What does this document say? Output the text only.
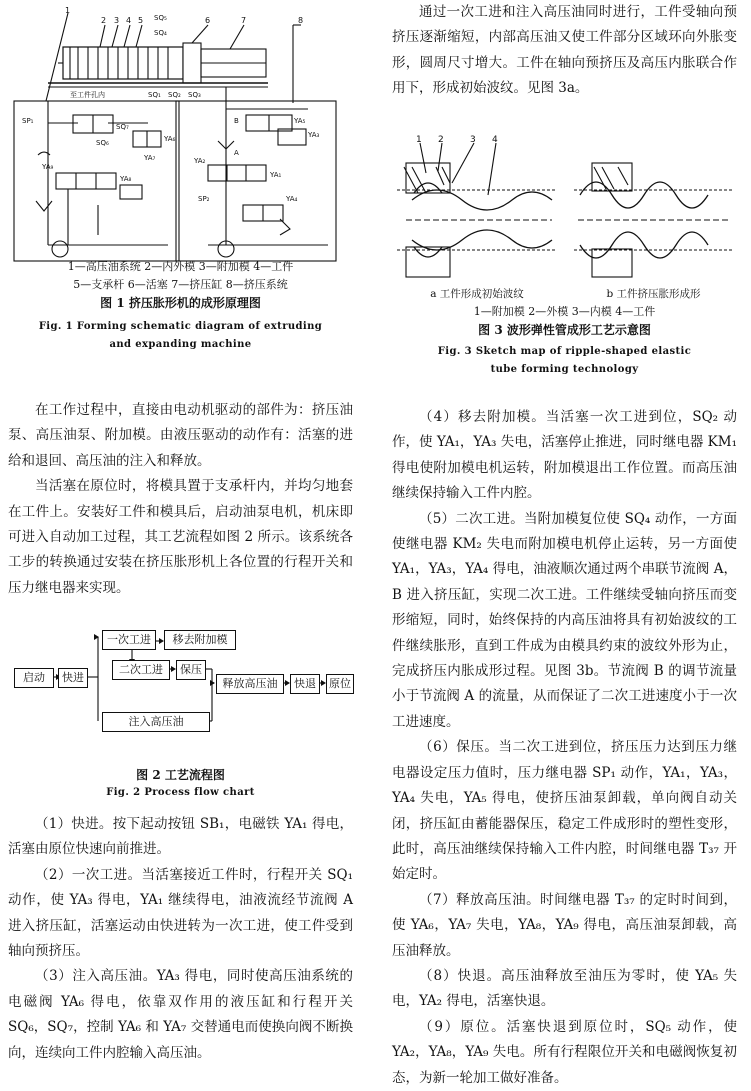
1
2 3 4 5	6	7	8
SQ₅
SQ₄
SQ₁ SQ₂ SQ₃
至工件孔内
SP₁
SQ₆
SQ₇
YA₆
YA₇
YA₅
YA₈
YA₉
B
A
YA₂
YA₃
YA₄
YA₁
SP₂
1—高压油系统 2—内外模 3—附加模 4—工件
5—支承杆 6—活塞 7—挤压缸 8—挤压系统
图 1 挤压胀形机的成形原理图
Fig. 1 Forming schematic diagram of extruding
and expanding machine

在工作过程中，直接由电动机驱动的部件为：挤压油泵、高压油泵、附加模。由液压驱动的动作有：活塞的进给和退回、高压油的注入和释放。

当活塞在原位时，将模具置于支承杆内，并均匀地套在工件上。安装好工件和模具后，启动油泵电机，机床即可进入自动加工过程，其工艺流程如图 2 所示。该系统各工步的转换通过安装在挤压胀形机上各位置的行程开关和压力继电器来实现。

启动	快进
一次工进	移去附加模
二次工进	保压
释放高压油	快退	原位
注入高压油
图 2 工艺流程图
Fig. 2 Process flow chart

（1）快进。按下起动按钮 SB₁，电磁铁 YA₁ 得电，活塞由原位快速向前推进。

（2）一次工进。当活塞接近工件时，行程开关 SQ₁ 动作，使 YA₃ 得电，YA₁ 继续得电，油液流经节流阀 A 进入挤压缸，活塞运动由快进转为一次工进，使工件受到轴向预挤压。

（3）注入高压油。YA₃ 得电，同时使高压油系统的电磁阀 YA₆ 得电，依靠双作用的液压缸和行程开关 SQ₆，SQ₇，控制 YA₆ 和 YA₇ 交替通电而使换向阀不断换向，连续向工件内腔输入高压油。

通过一次工进和注入高压油同时进行，工件受轴向预挤压逐渐缩短，内部高压油又使工件部分区域环向外胀变形，圆周尺寸增大。工件在轴向预挤压及高压内胀联合作用下，形成初始波纹。见图 3a。

1 2	3 4
a 工件形成初始波纹	b 工件挤压胀形成形
1—附加模 2—外模 3—内模 4—工件
图 3 波形弹性管成形工艺示意图
Fig. 3 Sketch map of ripple-shaped elastic
tube forming technology

（4）移去附加模。当活塞一次工进到位，SQ₂ 动作，使 YA₁，YA₃ 失电，活塞停止推进，同时继电器 KM₁ 得电使附加模电机运转，附加模退出工作位置。而高压油继续保持输入工件内腔。

（5）二次工进。当附加模复位使 SQ₄ 动作，一方面使继电器 KM₂ 失电而附加模电机停止运转，另一方面使 YA₁，YA₃，YA₄ 得电，油液顺次通过两个串联节流阀 A，B 进入挤压缸，实现二次工进。工件继续受轴向挤压而变形缩短，同时，始终保持的内高压油将具有初始波纹的工件继续胀形，直到工件成为由模具约束的波纹外形为止，完成挤压内胀成形过程。见图 3b。节流阀 B 的调节流量小于节流阀 A 的流量，从而保证了二次工进速度小于一次工进速度。

（6）保压。当二次工进到位，挤压压力达到压力继电器设定压力值时，压力继电器 SP₁ 动作，YA₁，YA₃，YA₄ 失电，YA₅ 得电，使挤压油泵卸载，单向阀自动关闭，挤压缸由蓄能器保压，稳定工件成形时的塑性变形，此时，高压油继续保持输入工件内腔，时间继电器 T₃₇ 开始定时。

（7）释放高压油。时间继电器 T₃₇ 的定时时间到，使 YA₆，YA₇ 失电，YA₈，YA₉ 得电，高压油泵卸载，高压油释放。

（8）快退。高压油释放至油压为零时，使 YA₅ 失电，YA₂ 得电，活塞快退。

（9）原位。活塞快退到原位时，SQ₅ 动作，使 YA₂，YA₈，YA₉ 失电。所有行程限位开关和电磁阀恢复初态，为新一轮加工做好准备。
